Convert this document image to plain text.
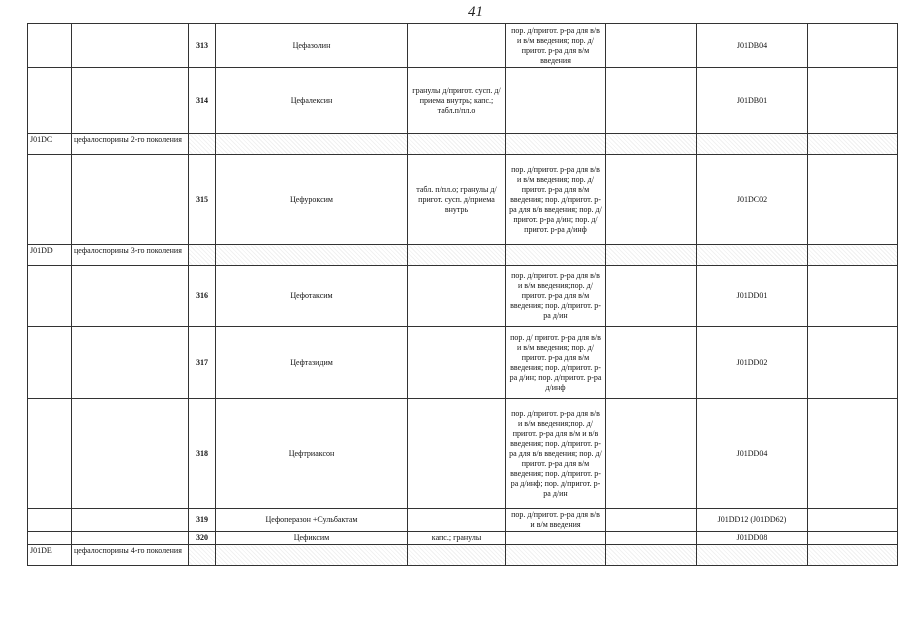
41
		313	Цефазолин		пор. д/пригот. р-ра для в/в и в/м введения; пор. д/пригот. р-ра для в/м введения		J01DB04	
		314	Цефалексин	гранулы д/пригот. сусп. д/приема внутрь; капс.; табл.п/пл.о			J01DB01	
J01DC	цефалоспорины 2-го поколения							
		315	Цефуроксим	табл. п/пл.о; гранулы д/пригот. сусп. д/приема внутрь	пор. д/пригот. р-ра для в/в и в/м введения; пор. д/пригот. р-ра для в/м введения; пор. д/пригот. р-ра для в/в введения; пор. д/пригот. р-ра д/ин; пор. д/пригот. р-ра д/инф		J01DC02	
J01DD	цефалоспорины 3-го поколения							
		316	Цефотаксим		пор. д/пригот. р-ра для в/в и в/м введения;пор. д/пригот. р-ра для в/м введения; пор. д/пригот. р-ра д/ин		J01DD01	
		317	Цефтазидим		пор. д/ пригот. р-ра для в/в и в/м введения; пор. д/пригот. р-ра для в/м введения; пор. д/пригот. р-ра д/ин; пор. д/пригот. р-ра д/инф		J01DD02	
		318	Цефтриаксон		пор. д/пригот. р-ра для в/в и в/м введения;пор. д/пригот. р-ра для в/м и в/в введения; пор. д/пригот. р-ра для в/в введения; пор. д/пригот. р-ра для в/м введения; пор. д/пригот. р-ра д/инф; пор. д/пригот. р-ра д/ин		J01DD04	
		319	Цефоперазон +Сульбактам		пор. д/пригот. р-ра для в/в и в/м введения		J01DD12 (J01DD62)	
		320	Цефиксим	капс.; гранулы			J01DD08	
J01DE	цефалоспорины 4-го поколения							
